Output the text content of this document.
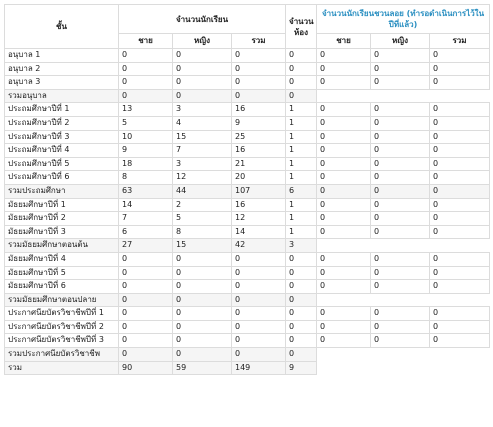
ชั้น	จำนวนนักเรียน			จำนวน ห้อง	จำนวนนักเรียนชวนลอย (ทำรอดำเนินการไว้ในปีที่แล้ว)		
	ชาย	หญิง	รวม		ชาย	หญิง	รวม
อนุบาล 1	0	0	0	0	0	0	0
อนุบาล 2	0	0	0	0	0	0	0
อนุบาล 3	0	0	0	0	0	0	0
รวมอนุบาล	0	0	0	0			
ประถมศึกษาปีที่ 1	13	3	16	1	0	0	0
ประถมศึกษาปีที่ 2	5	4	9	1	0	0	0
ประถมศึกษาปีที่ 3	10	15	25	1	0	0	0
ประถมศึกษาปีที่ 4	9	7	16	1	0	0	0
ประถมศึกษาปีที่ 5	18	3	21	1	0	0	0
ประถมศึกษาปีที่ 6	8	12	20	1	0	0	0
รวมประถมศึกษา	63	44	107	6	0	0	0
มัธยมศึกษาปีที่ 1	14	2	16	1	0	0	0
มัธยมศึกษาปีที่ 2	7	5	12	1	0	0	0
มัธยมศึกษาปีที่ 3	6	8	14	1	0	0	0
รวมมัธยมศึกษาตอนต้น	27	15	42	3			
มัธยมศึกษาปีที่ 4	0	0	0	0	0	0	0
มัธยมศึกษาปีที่ 5	0	0	0	0	0	0	0
มัธยมศึกษาปีที่ 6	0	0	0	0	0	0	0
รวมมัธยมศึกษาตอนปลาย	0	0	0	0			
ประกาศนียบัตรวิชาชีพปีที่ 1	0	0	0	0	0	0	0
ประกาศนียบัตรวิชาชีพปีที่ 2	0	0	0	0	0	0	0
ประกาศนียบัตรวิชาชีพปีที่ 3	0	0	0	0	0	0	0
รวมประกาศนียบัตรวิชาชีพ	0	0	0	0			
รวม	90	59	149	9			
